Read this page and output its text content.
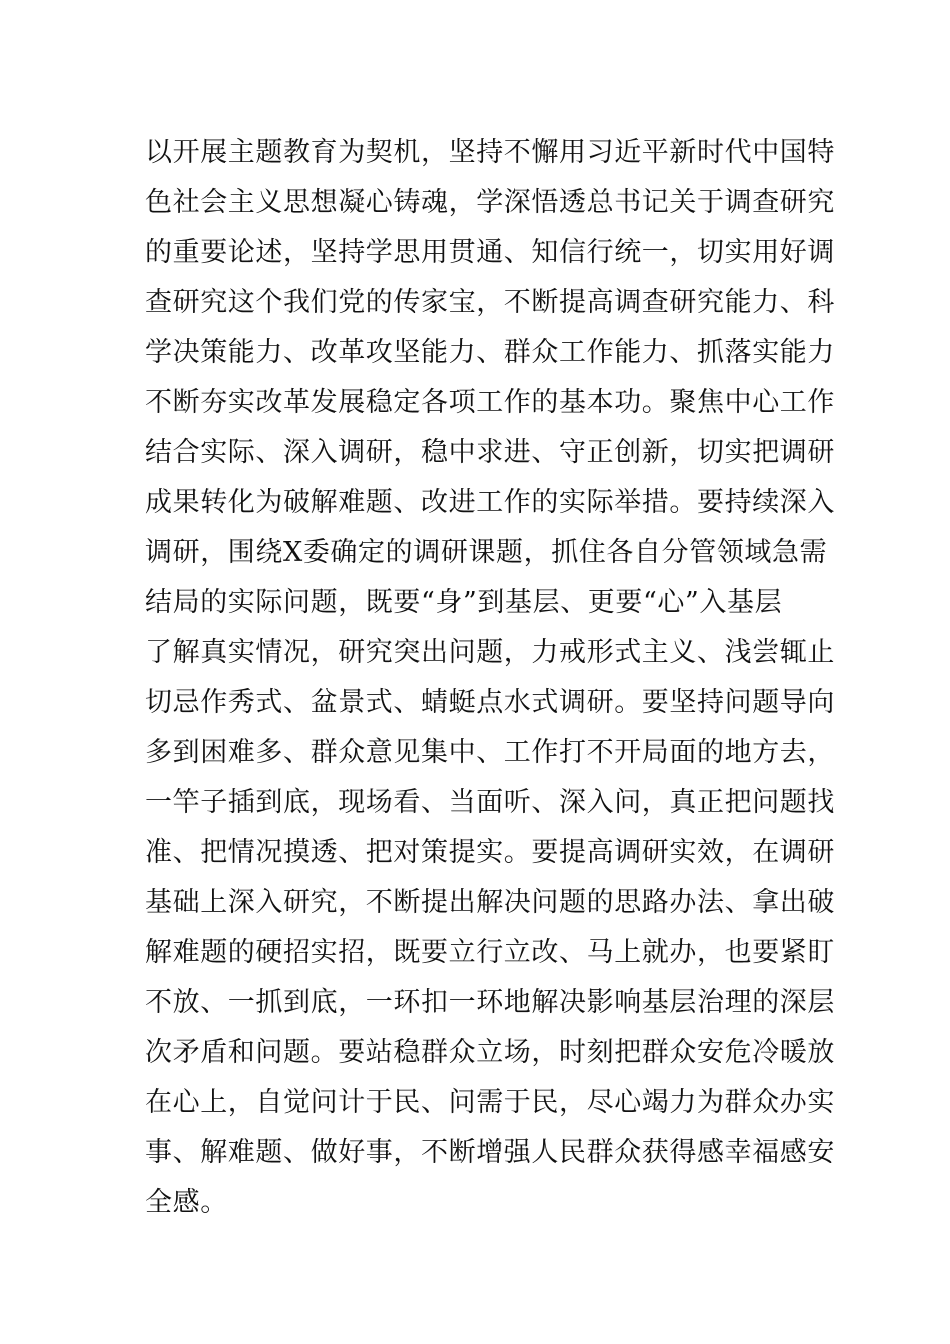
以开展主题教育为契机，坚持不懈用习近平新时代中国特
色社会主义思想凝心铸魂，学深悟透总书记关于调查研究
的重要论述，坚持学思用贯通、知信行统一，切实用好调
查研究这个我们党的传家宝，不断提高调查研究能力、科
学决策能力、改革攻坚能力、群众工作能力、抓落实能力
不断夯实改革发展稳定各项工作的基本功。聚焦中心工作
结合实际、深入调研，稳中求进、守正创新，切实把调研
成果转化为破解难题、改进工作的实际举措。要持续深入
调研，围绕X委确定的调研课题，抓住各自分管领域急需
结局的实际问题，既要“身”到基层、更要“心”入基层
了解真实情况，研究突出问题，力戒形式主义、浅尝辄止
切忌作秀式、盆景式、蜻蜓点水式调研。要坚持问题导向
多到困难多、群众意见集中、工作打不开局面的地方去，
一竿子插到底，现场看、当面听、深入问，真正把问题找
准、把情况摸透、把对策提实。要提高调研实效，在调研
基础上深入研究，不断提出解决问题的思路办法、拿出破
解难题的硬招实招，既要立行立改、马上就办，也要紧盯
不放、一抓到底，一环扣一环地解决影响基层治理的深层
次矛盾和问题。要站稳群众立场，时刻把群众安危冷暖放
在心上，自觉问计于民、问需于民，尽心竭力为群众办实
事、解难题、做好事，不断增强人民群众获得感幸福感安
全感。
